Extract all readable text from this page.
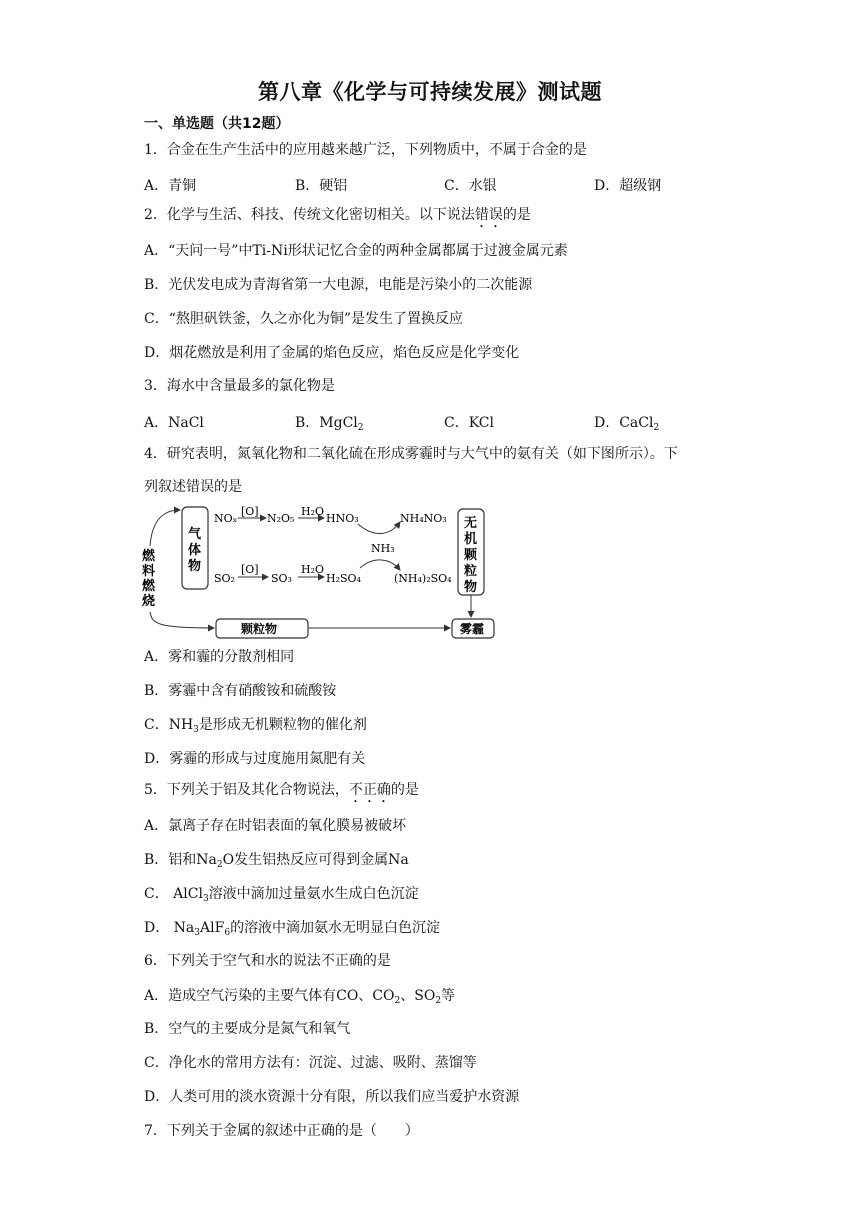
第八章《化学与可持续发展》测试题
一、单选题（共12题）
1．合金在生产生活中的应用越来越广泛，下列物质中，不属于合金的是
A．青铜	B．硬铝	C．水银	D．超级钢
2．化学与生活、科技、传统文化密切相关。以下说法错误的是
A．“天问一号”中Ti-Ni形状记忆合金的两种金属都属于过渡金属元素
B．光伏发电成为青海省第一大电源，电能是污染小的二次能源
C．“熬胆矾铁釜，久之亦化为铜”是发生了置换反应
D．烟花燃放是利用了金属的焰色反应，焰色反应是化学变化
3．海水中含量最多的氯化物是
A．NaCl	B．MgCl$_2$	C．KCl	D．CaCl$_2$
4．研究表明，氮氧化物和二氧化硫在形成雾霾时与大气中的氨有关（如下图所示）。下
列叙述错误的是
燃
料
燃
烧
气
体
物
NOₓ
[O]
N₂O₅
H₂O
HNO₃	NH₄NO₃
NH₃
SO₂
[O]
SO₃
H₂O
H₂SO₄	(NH₄)₂SO₄
无
机
颗
粒
物
颗粒物	雾霾
A．雾和霾的分散剂相同
B．雾霾中含有硝酸铵和硫酸铵
C．$NH_3$是形成无机颗粒物的催化剂
D．雾霾的形成与过度施用氮肥有关
5．下列关于铝及其化合物说法，不正确的是
A．氯离子存在时铝表面的氧化膜易被破坏
B．铝和$Na_2O$发生铝热反应可得到金属Na
C． AlCl$_3$溶液中滴加过量氨水生成白色沉淀
D． $Na_3AlF_6$的溶液中滴加氨水无明显白色沉淀
6．下列关于空气和水的说法不正确的是
A．造成空气污染的主要气体有CO、$CO_2$、$SO_2$等
B．空气的主要成分是氮气和氧气
C．净化水的常用方法有：沉淀、过滤、吸附、蒸馏等
D．人类可用的淡水资源十分有限，所以我们应当爱护水资源
7．下列关于金属的叙述中正确的是（　　）
